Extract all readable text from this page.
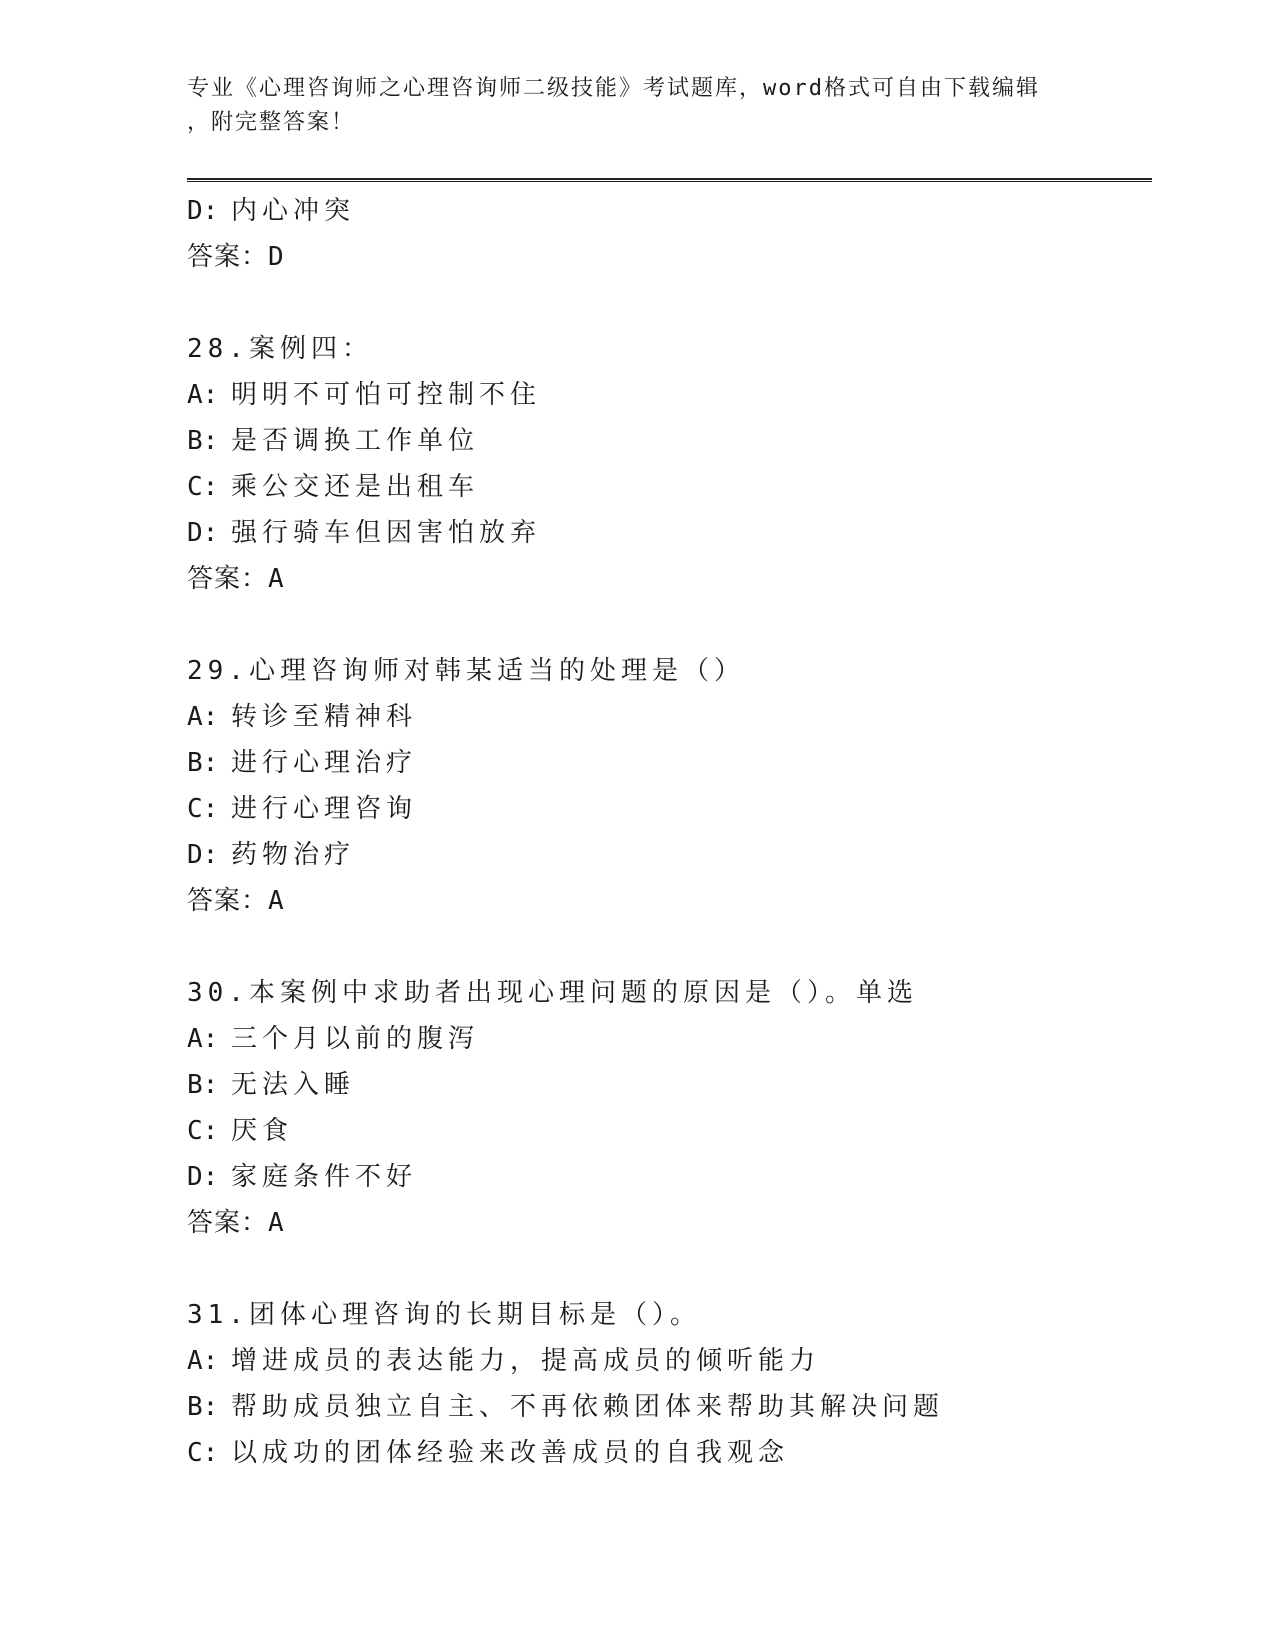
专业《心理咨询师之心理咨询师二级技能》考试题库，word格式可自由下载编辑
，附完整答案！
D: 内心冲突
答案：D
28.案例四：
A: 明明不可怕可控制不住
B: 是否调换工作单位
C: 乘公交还是出租车
D: 强行骑车但因害怕放弃
答案：A
29.心理咨询师对韩某适当的处理是（）
A: 转诊至精神科
B: 进行心理治疗
C: 进行心理咨询
D: 药物治疗
答案：A
30.本案例中求助者出现心理问题的原因是（）。单选
A: 三个月以前的腹泻
B: 无法入睡
C: 厌食
D: 家庭条件不好
答案：A
31.团体心理咨询的长期目标是（）。
A: 增进成员的表达能力，提高成员的倾听能力
B: 帮助成员独立自主、不再依赖团体来帮助其解决问题
C: 以成功的团体经验来改善成员的自我观念
